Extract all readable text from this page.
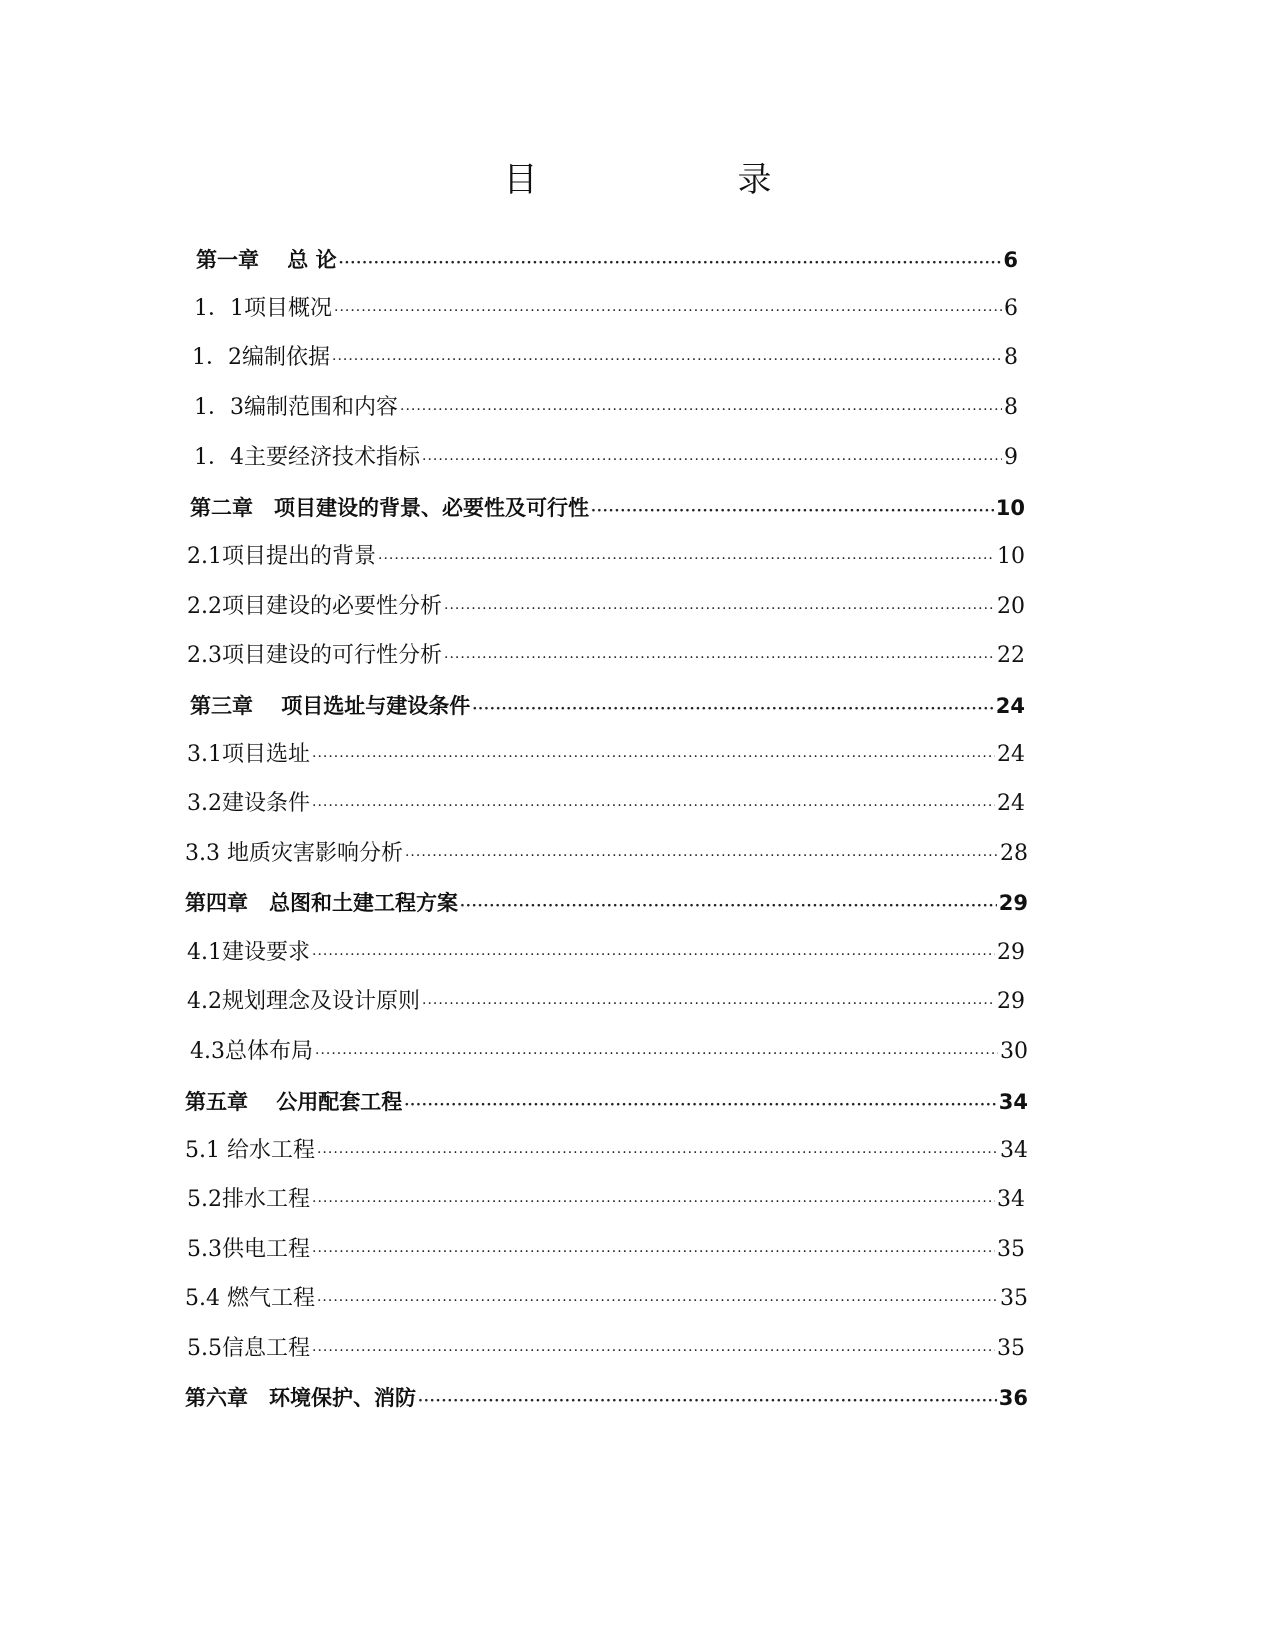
目　　录
第一章　 总 论 ·····	6
1．1项目概况 ·····	6
1．2编制依据 ·····	8
1．3编制范围和内容 ·····	8
1．4主要经济技术指标 ·····	9
第二章　项目建设的背景、必要性及可行性 ·····	10
2.1项目提出的背景 ·····	10
2.2项目建设的必要性分析 ·····	20
2.3项目建设的可行性分析 ·····	22
第三章　 项目选址与建设条件 ·····	24
3.1项目选址 ·····	24
3.2建设条件 ·····	24
3.3 地质灾害影响分析 ·····	28
第四章　总图和土建工程方案 ·····	29
4.1建设要求 ·····	29
4.2规划理念及设计原则 ·····	29
4.3总体布局 ·····	30
第五章　 公用配套工程 ·····	34
5.1 给水工程 ·····	34
5.2排水工程 ·····	34
5.3供电工程 ·····	35
5.4 燃气工程 ·····	35
5.5信息工程 ·····	35
第六章　环境保护、消防 ·····	36
